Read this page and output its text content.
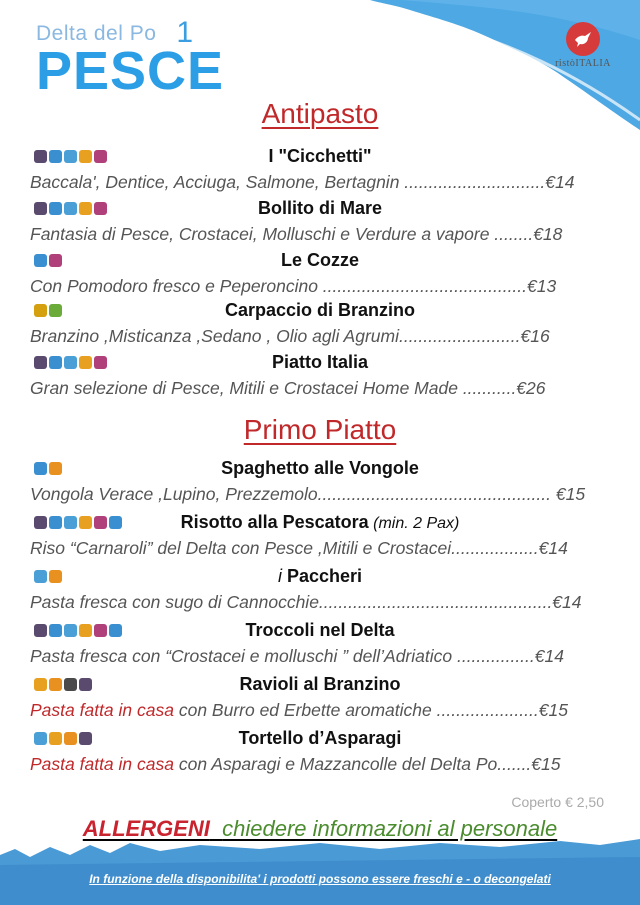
Delta del Po 1
PESCE	ristòITALIA
Antipasto
I "Cicchetti"
Baccala', Dentice, Acciuga, Salmone, Bertagnin .............................€14
Bollito di Mare
Fantasia di Pesce, Crostacei, Molluschi e Verdure a vapore ........€18
Le Cozze
Con Pomodoro fresco e Peperoncino ..........................................€13
Carpaccio di Branzino
Branzino ,Misticanza ,Sedano , Olio agli Agrumi.........................€16
Piatto Italia
Gran selezione di Pesce, Mitili e Crostacei Home Made ...........€26
Spaghetto alle Vongole
Vongola Verace ,Lupino, Prezzemolo................................................ €15
Risotto alla Pescatora (min. 2 Pax)
Riso “Carnaroli” del Delta con Pesce ,Mitili e Crostacei..................€14
i Paccheri
Pasta fresca con sugo di Cannocchie................................................€14
Troccoli nel Delta
Pasta fresca con “Crostacei e molluschi ” dell’Adriatico ................€14
Ravioli al Branzino
Pasta fatta in casa con Burro ed Erbette aromatiche .....................€15
Tortello d’Asparagi
Pasta fatta in casa con Asparagi e Mazzancolle del Delta Po.......€15
Primo Piatto
Coperto € 2,50
ALLERGENI chiedere informazioni al personale
In funzione della disponibilita' i prodotti possono essere freschi e - o decongelati
